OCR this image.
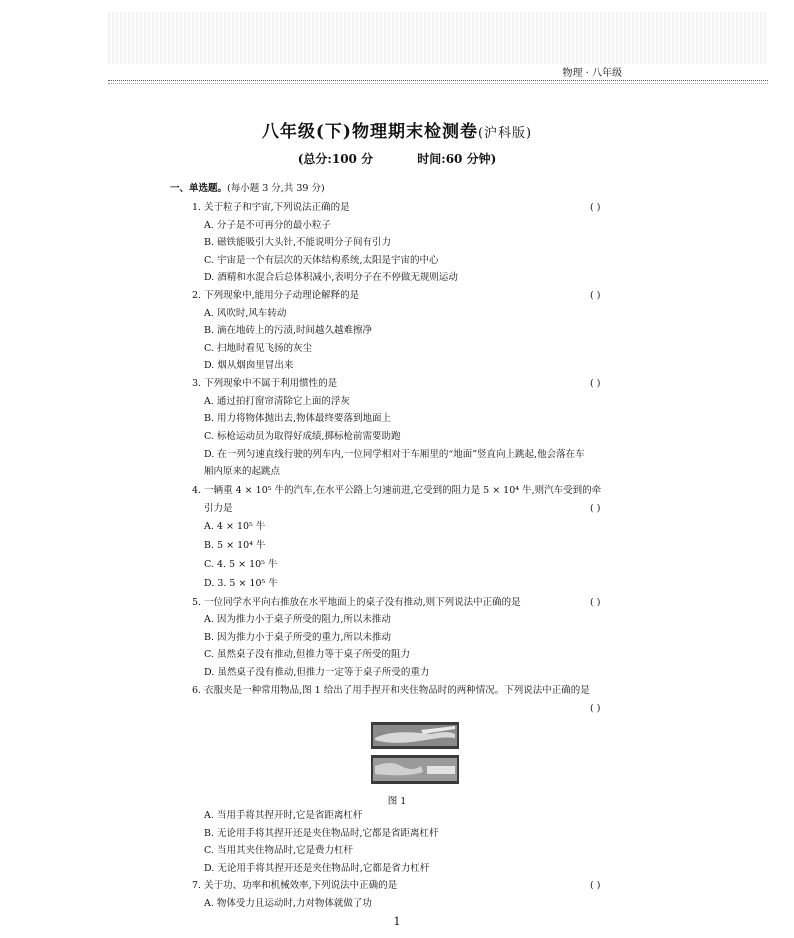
物理 · 八年级
八年级(下)物理期末检测卷(沪科版)
(总分:100 分	时间:60 分钟)
一、单选题。(每小题 3 分,共 39 分)
1. 关于粒子和宇宙,下列说法正确的是	( )
A. 分子是不可再分的最小粒子
B. 磁铁能吸引大头针,不能说明分子间有引力
C. 宇宙是一个有层次的天体结构系统,太阳是宇宙的中心
D. 酒精和水混合后总体积减小,表明分子在不停做无规则运动
2. 下列现象中,能用分子动理论解释的是	( )
A. 风吹时,风车转动
B. 滴在地砖上的污渍,时间越久越难擦净
C. 扫地时看见飞扬的灰尘
D. 烟从烟囱里冒出来
3. 下列现象中不属于利用惯性的是	( )
A. 通过拍打窗帘清除它上面的浮灰
B. 用力将物体抛出去,物体最终要落到地面上
C. 标枪运动员为取得好成绩,掷标枪前需要助跑
D. 在一列匀速直线行驶的列车内,一位同学相对于车厢里的“地面”竖直向上跳起,他会落在车
厢内原来的起跳点
4. 一辆重 4 × 10⁵ 牛的汽车,在水平公路上匀速前进,它受到的阻力是 5 × 10⁴ 牛,则汽车受到的牵
引力是	( )
A. 4 × 10⁵ 牛
B. 5 × 10⁴ 牛
C. 4. 5 × 10⁵ 牛
D. 3. 5 × 10⁵ 牛
5. 一位同学水平向右推放在水平地面上的桌子没有推动,则下列说法中正确的是	( )
A. 因为推力小于桌子所受的阻力,所以未推动
B. 因为推力小于桌子所受的重力,所以未推动
C. 虽然桌子没有推动,但推力等于桌子所受的阻力
D. 虽然桌子没有推动,但推力一定等于桌子所受的重力
6. 衣服夹是一种常用物品,图 1 给出了用手捏开和夹住物品时的两种情况。下列说法中正确的是
( )
图 1
A. 当用手将其捏开时,它是省距离杠杆
B. 无论用手将其捏开还是夹住物品时,它都是省距离杠杆
C. 当用其夹住物品时,它是费力杠杆
D. 无论用手将其捏开还是夹住物品时,它都是省力杠杆
7. 关于功、功率和机械效率,下列说法中正确的是	( )
A. 物体受力且运动时,力对物体就做了功
1
